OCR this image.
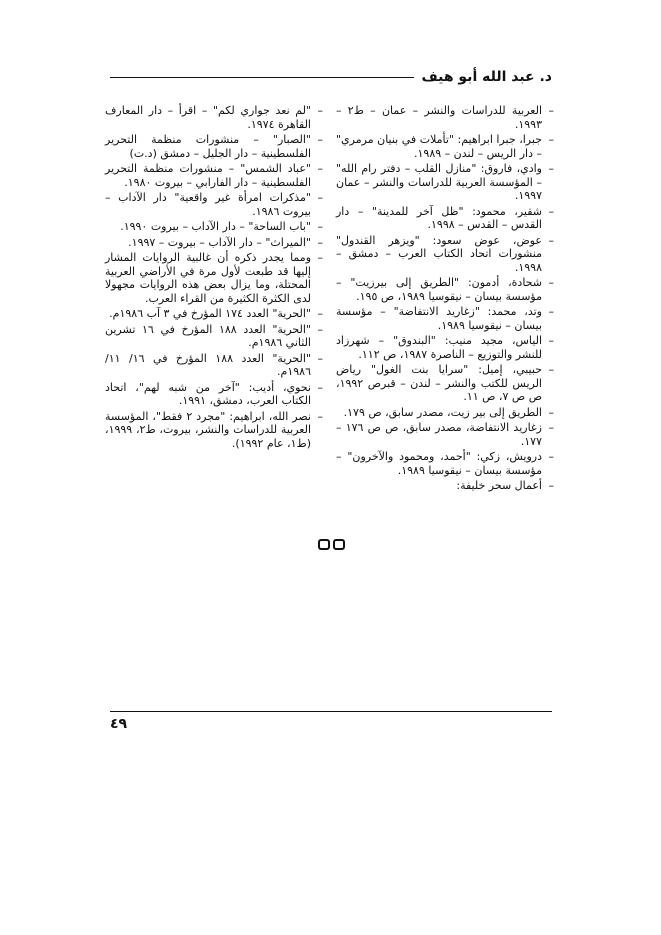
د. عبد الله أبو هيف

– العربية للدراسات والنشر – عمان – ط٢ – ١٩٩٣.

– جبرا، جبرا ابراهيم: "تأملات في بنيان مرمري" – دار الريس – لندن – ١٩٨٩.

– وادي، فاروق: "منازل القلب – دفتر رام الله" – المؤسسة العربية للدراسات والنشر – عمان ١٩٩٧.

– شقير، محمود: "ظل آخر للمدينة" – دار القدس – القدس – ١٩٩٨.

– عوض، عوض سعود: "ويزهر القندول" منشورات اتحاد الكتاب العرب – دمشق – ١٩٩٨.

– شحادة، أدمون: "الطريق إلى بيرزيت" – مؤسسة بيسان – نيقوسيا ١٩٨٩، ص ١٩٥.

– وتد، محمد: "زغاريد الانتفاضة" – مؤسسة بيسان – نيقوسيا ١٩٨٩.

– الياس، مجيد منيب: "البندوق" – شهرزاد للنشر والتوزيع – الناصرة ١٩٨٧، ص ١١٢.

– حبيبي، إميل: "سرايا بنت الغول" رياض الريس للكتب والنشر – لندن – قبرص ١٩٩٢، ص ص ٧، ص ١١.

– الطريق إلى بير زيت، مصدر سابق، ص ١٧٩.

– زغاريد الانتفاضة، مصدر سابق، ص ص ١٧٦ – ١٧٧.

– درويش، زكي: "أحمد، ومحمود والآخرون" – مؤسسة بيسان – نيقوسيا ١٩٨٩.

– أعمال سحر خليفة:

– "لم نعد جواري لكم" – اقرأ – دار المعارف القاهرة ١٩٧٤.

– "الصبار" – منشورات منظمة التحرير الفلسطينية – دار الجليل – دمشق (د.ت)

– "عباد الشمس" – منشورات منظمة التحرير الفلسطينية – دار الفارابي – بيروت ١٩٨٠.

– "مذكرات امرأة غير واقعية" دار الآداب – بيروت ١٩٨٦.

– "باب الساحة" – دار الآداب – بيروت ١٩٩٠.

– "الميراث" – دار الآداب – بيروت – ١٩٩٧.

– ومما يجدر ذكره أن غالبية الروايات المشار إليها قد طبعت لأول مرة في الأراضي العربية المحتلة، وما يزال بعض هذه الروايات مجهولا لدى الكثرة الكثيرة من القراء العرب.

– "الحرية" العدد ١٧٤ المؤرخ في ٣ آب ١٩٨٦م.

– "الحرية" العدد ١٨٨ المؤرخ في ١٦ تشرين الثاني ١٩٨٦م.

– "الحرية" العدد ١٨٨ المؤرخ في ١٦/ ١١/ ١٩٨٦م.

– نحوي، أديب: "آخر من شبه لهم"، اتحاد الكتاب العرب، دمشق، ١٩٩١.

– نصر الله، ابراهيم: "مجرد ٢ فقط"، المؤسسة العربية للدراسات والنشر، بيروت، ط٢، ١٩٩٩، (ط١، عام ١٩٩٢).

٤٩
